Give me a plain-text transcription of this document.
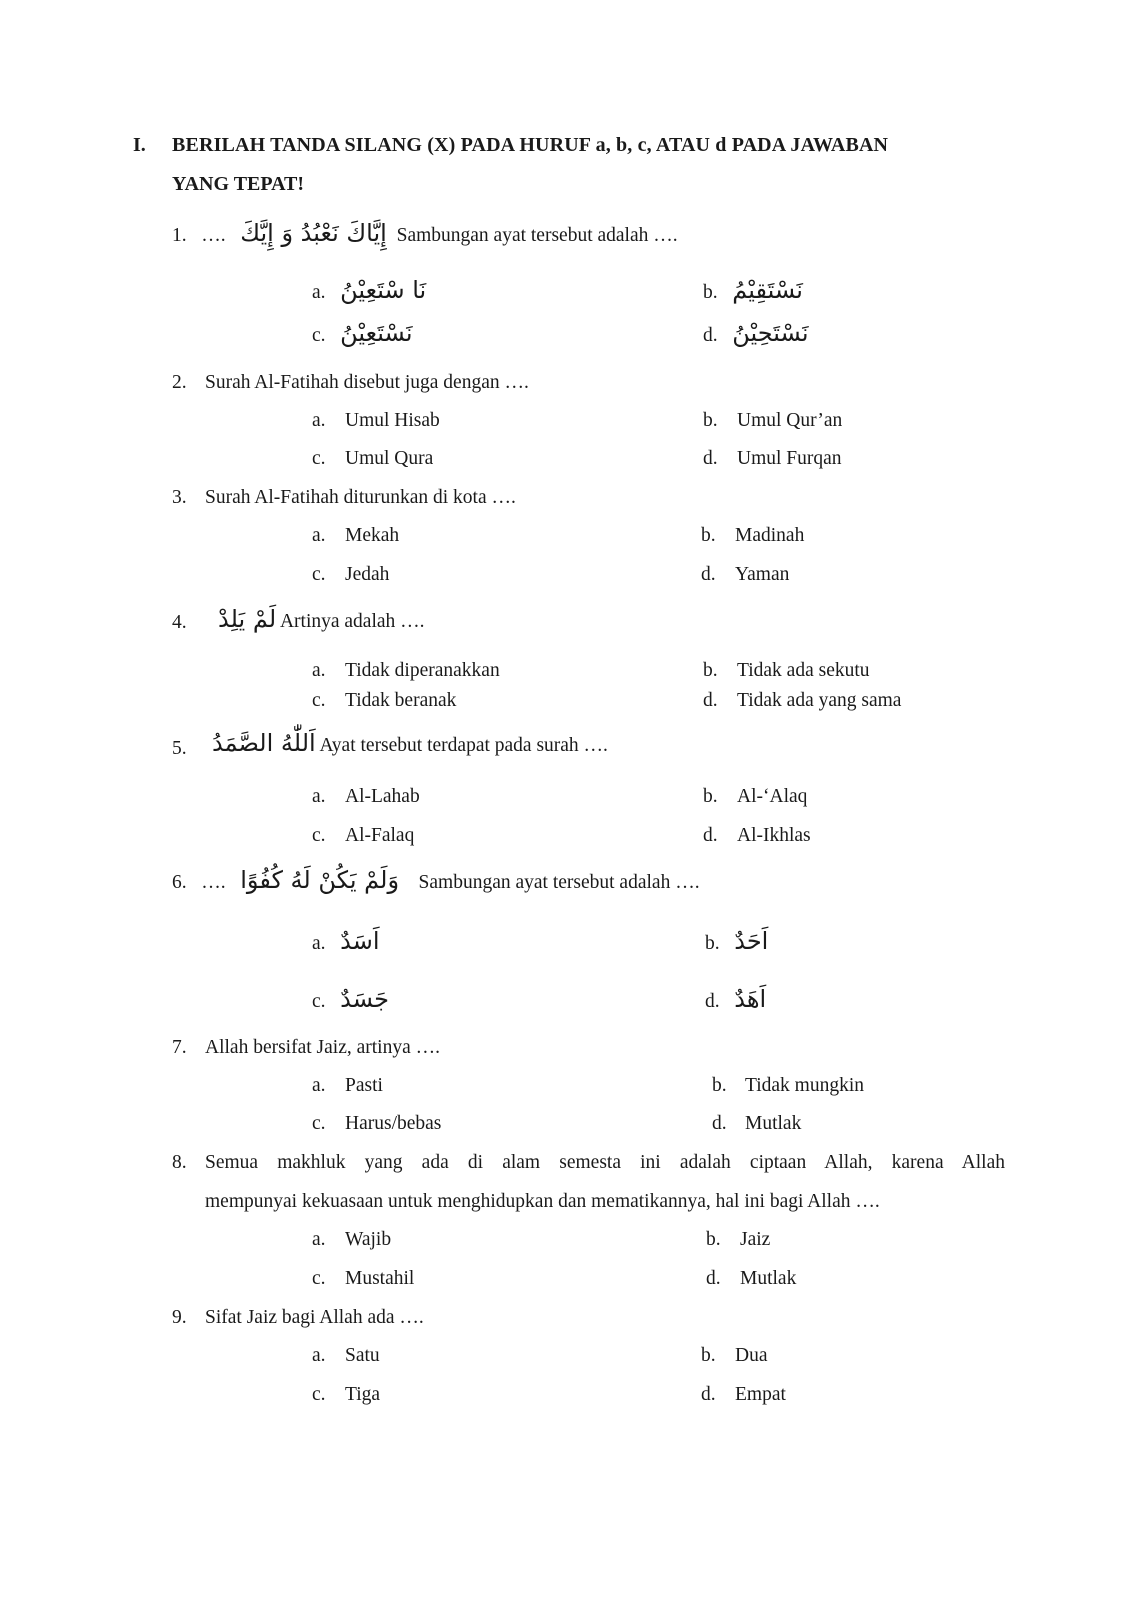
I. BERILAH TANDA SILANG (X) PADA HURUF a, b, c, ATAU d PADA JAWABAN
YANG TEPAT!
1. …. إِيَّاكَ نَعْبُدُ وَ إِيَّكَ Sambungan ayat tersebut adalah ….
a. نَا سْتَعِيْنُ	b. نَسْتَقِيْمُ
c. نَسْتَعِيْنُ	d. نَسْتَحِيْنُ
2. Surah Al-Fatihah disebut juga dengan ….
a. Umul Hisab	b. Umul Qur’an
c. Umul Qura	d. Umul Furqan
3. Surah Al-Fatihah diturunkan di kota ….
a. Mekah	b. Madinah
c. Jedah	d. Yaman
4. لَمْ يَلِدْ Artinya adalah ….
a. Tidak diperanakkan	b. Tidak ada sekutu
c. Tidak beranak	d. Tidak ada yang sama
5. اَللّٰهُ الصَّمَدُ Ayat tersebut terdapat pada surah ….
a. Al-Lahab	b. Al-‘Alaq
c. Al-Falaq	d. Al-Ikhlas
6. …. وَلَمْ يَكُنْ لَهُ كُفُوًا Sambungan ayat tersebut adalah ….
a. اَسَدٌ	b. اَحَدٌ
c. جَسَدٌ	d. اَهَدٌ
7. Allah bersifat Jaiz, artinya ….
a. Pasti	b. Tidak mungkin
c. Harus/bebas	d. Mutlak
8. Semua makhluk yang ada di alam semesta ini adalah ciptaan Allah, karena Allah
mempunyai kekuasaan untuk menghidupkan dan mematikannya, hal ini bagi Allah ….
a. Wajib	b. Jaiz
c. Mustahil	d. Mutlak
9. Sifat Jaiz bagi Allah ada ….
a. Satu	b. Dua
c. Tiga	d. Empat
